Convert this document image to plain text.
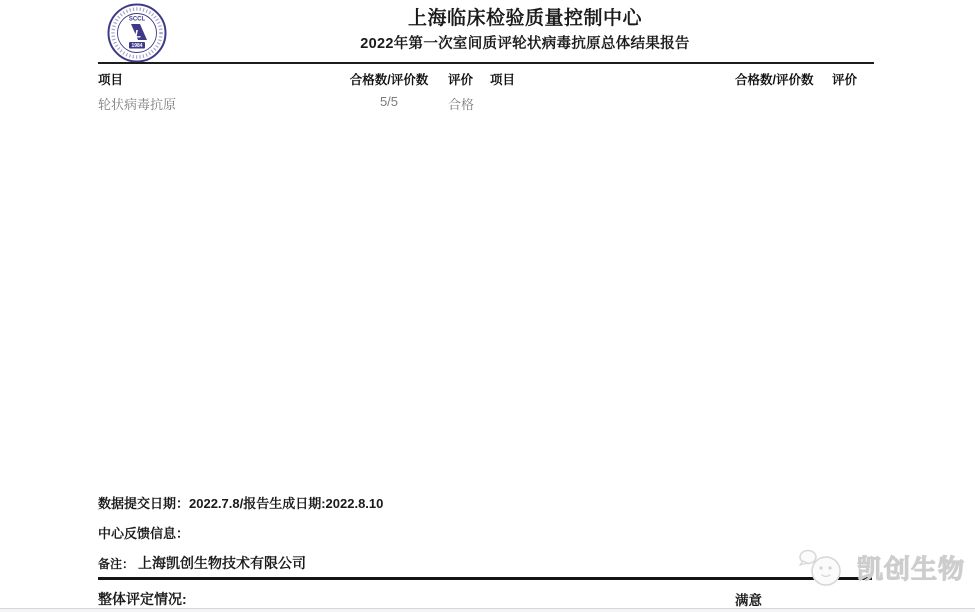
SCCL
L
1984
上海临床检验质量控制中心
2022年第一次室间质评轮状病毒抗原总体结果报告
项目	合格数/评价数 评价 项目	合格数/评价数 评价
轮状病毒抗原	5/5	合格
数据提交日期：2022.7.8/报告生成日期:2022.8.10
中心反馈信息：
备注： 上海凯创生物技术有限公司
整体评定情况:	满意
凯创生物
